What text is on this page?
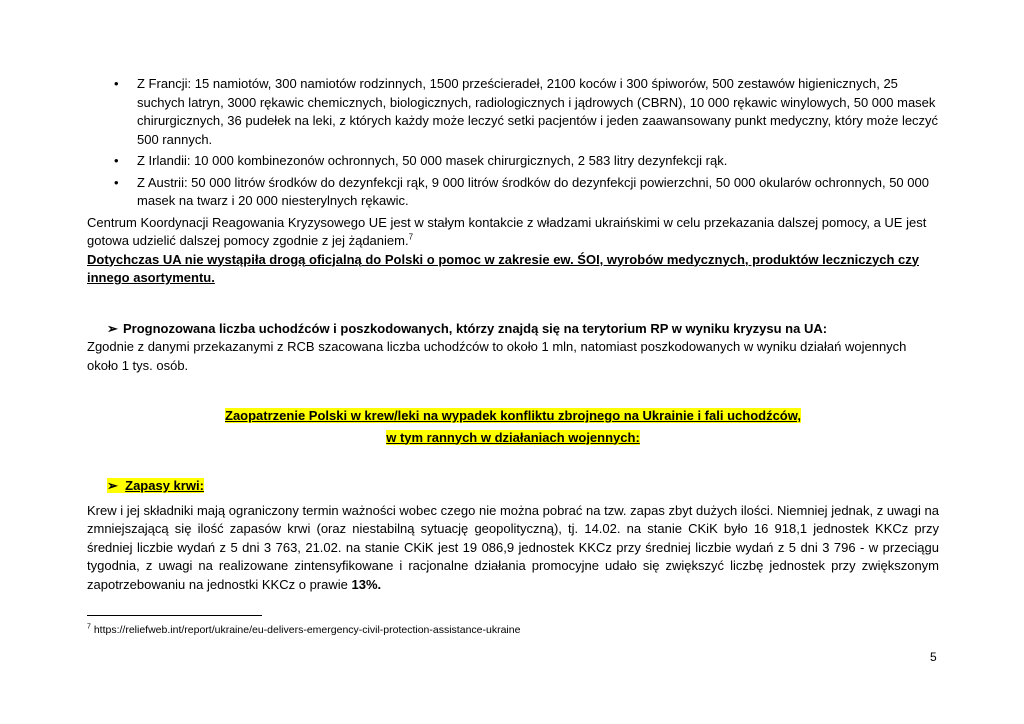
• Z Francji: 15 namiotów, 300 namiotów rodzinnych, 1500 prześcieradeł, 2100 koców i 300 śpiworów, 500 zestawów higienicznych, 25 suchych latryn, 3000 rękawic chemicznych, biologicznych, radiologicznych i jądrowych (CBRN), 10 000 rękawic winylowych, 50 000 masek chirurgicznych, 36 pudełek na leki, z których każdy może leczyć setki pacjentów i jeden zaawansowany punkt medyczny, który może leczyć 500 rannych.
• Z Irlandii: 10 000 kombinezonów ochronnych, 50 000 masek chirurgicznych, 2 583 litry dezynfekcji rąk.
• Z Austrii: 50 000 litrów środków do dezynfekcji rąk, 9 000 litrów środków do dezynfekcji powierzchni, 50 000 okularów ochronnych, 50 000 masek na twarz i 20 000 niesterylnych rękawic.

Centrum Koordynacji Reagowania Kryzysowego UE jest w stałym kontakcie z władzami ukraińskimi w celu przekazania dalszej pomocy, a UE jest gotowa udzielić dalszej pomocy zgodnie z jej żądaniem.$^7$

Dotychczas UA nie wystąpiła drogą oficjalną do Polski o pomoc w zakresie ew. ŚOI, wyrobów medycznych, produktów leczniczych czy innego asortymentu.

➢ Prognozowana liczba uchodźców i poszkodowanych, którzy znajdą się na terytorium RP w wyniku kryzysu na UA:

Zgodnie z danymi przekazanymi z RCB szacowana liczba uchodźców to około 1 mln, natomiast poszkodowanych w wyniku działań wojennych około 1 tys. osób.

Zaopatrzenie Polski w krew/leki na wypadek konfliktu zbrojnego na Ukrainie i fali uchodźców,
w tym rannych w działaniach wojennych:
➢ Zapasy krwi:

Krew i jej składniki mają ograniczony termin ważności wobec czego nie można pobrać na tzw. zapas zbyt dużych ilości. Niemniej jednak, z uwagi na zmniejszającą się ilość zapasów krwi (oraz niestabilną sytuację geopolityczną), tj. 14.02. na stanie CKiK było 16 918,1 jednostek KKCz przy średniej liczbie wydań z 5 dni 3 763, 21.02. na stanie CKiK jest 19 086,9 jednostek KKCz przy średniej liczbie wydań z 5 dni 3 796 - w przeciągu tygodnia, z uwagi na realizowane zintensyfikowane i racjonalne działania promocyjne udało się zwiększyć liczbę jednostek przy zwiększonym zapotrzebowaniu na jednostki KKCz o prawie 13%.

$^7$ https://reliefweb.int/report/ukraine/eu-delivers-emergency-civil-protection-assistance-ukraine
5
